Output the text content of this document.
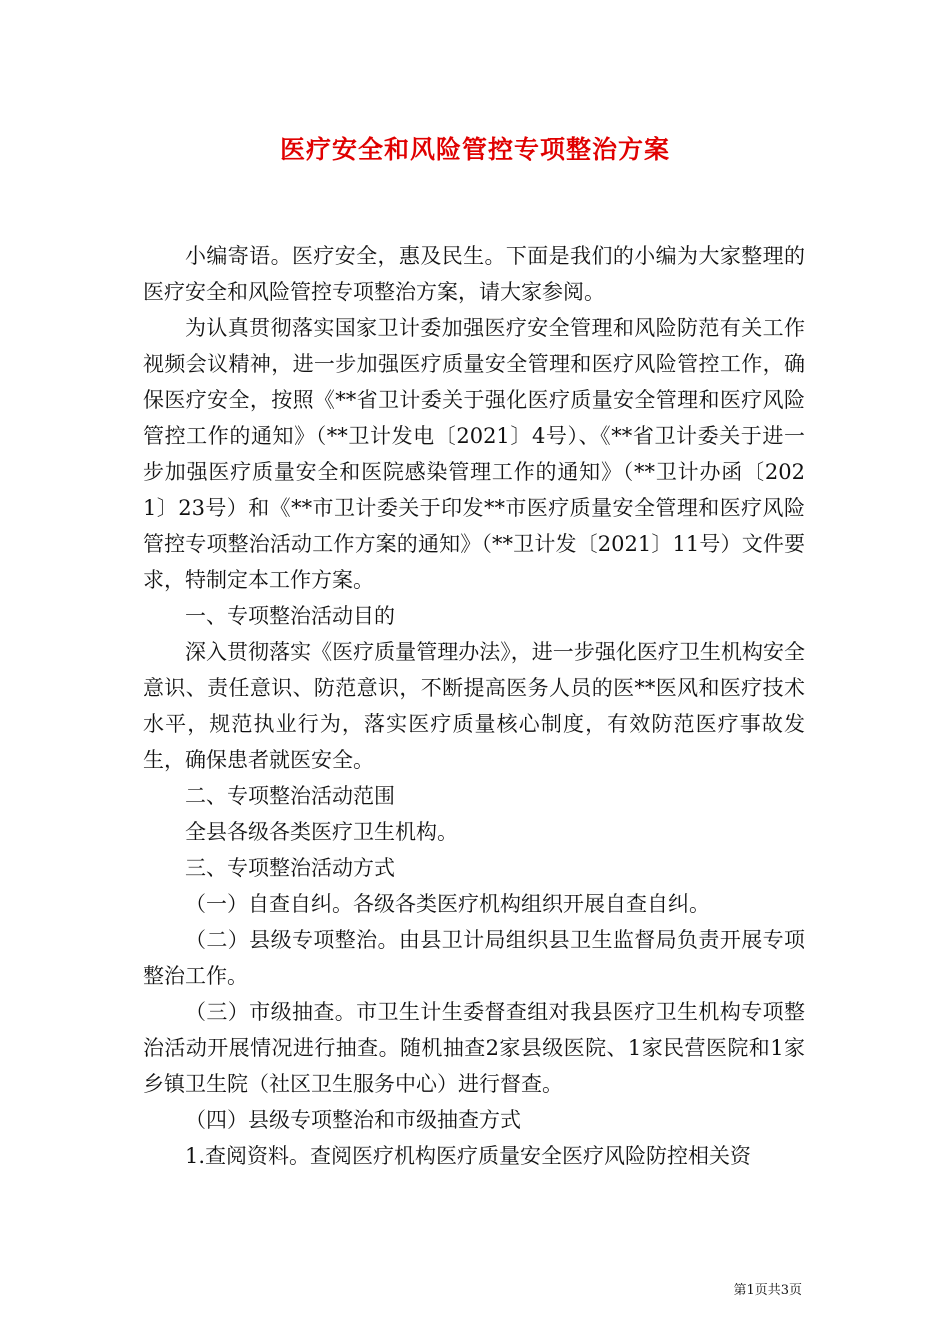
医疗安全和风险管控专项整治方案

小编寄语。医疗安全，惠及民生。下面是我们的小编为大家整理的医疗安全和风险管控专项整治方案，请大家参阅。

为认真贯彻落实国家卫计委加强医疗安全管理和风险防范有关工作视频会议精神，进一步加强医疗质量安全管理和医疗风险管控工作，确保医疗安全，按照《**省卫计委关于强化医疗质量安全管理和医疗风险管控工作的通知》（**卫计发电〔2021〕4号）、《**省卫计委关于进一步加强医疗质量安全和医院感染管理工作的通知》（**卫计办函〔2021〕23号）和《**市卫计委关于印发**市医疗质量安全管理和医疗风险管控专项整治活动工作方案的通知》（**卫计发〔2021〕11号）文件要求，特制定本工作方案。

一、专项整治活动目的

深入贯彻落实《医疗质量管理办法》，进一步强化医疗卫生机构安全意识、责任意识、防范意识，不断提高医务人员的医**医风和医疗技术水平，规范执业行为，落实医疗质量核心制度，有效防范医疗事故发生，确保患者就医安全。

二、专项整治活动范围

全县各级各类医疗卫生机构。

三、专项整治活动方式

（一）自查自纠。各级各类医疗机构组织开展自查自纠。

（二）县级专项整治。由县卫计局组织县卫生监督局负责开展专项整治工作。

（三）市级抽查。市卫生计生委督查组对我县医疗卫生机构专项整治活动开展情况进行抽查。随机抽查2家县级医院、1家民营医院和1家乡镇卫生院（社区卫生服务中心）进行督查。

（四）县级专项整治和市级抽查方式

1.查阅资料。查阅医疗机构医疗质量安全医疗风险防控相关资

第1页共3页
